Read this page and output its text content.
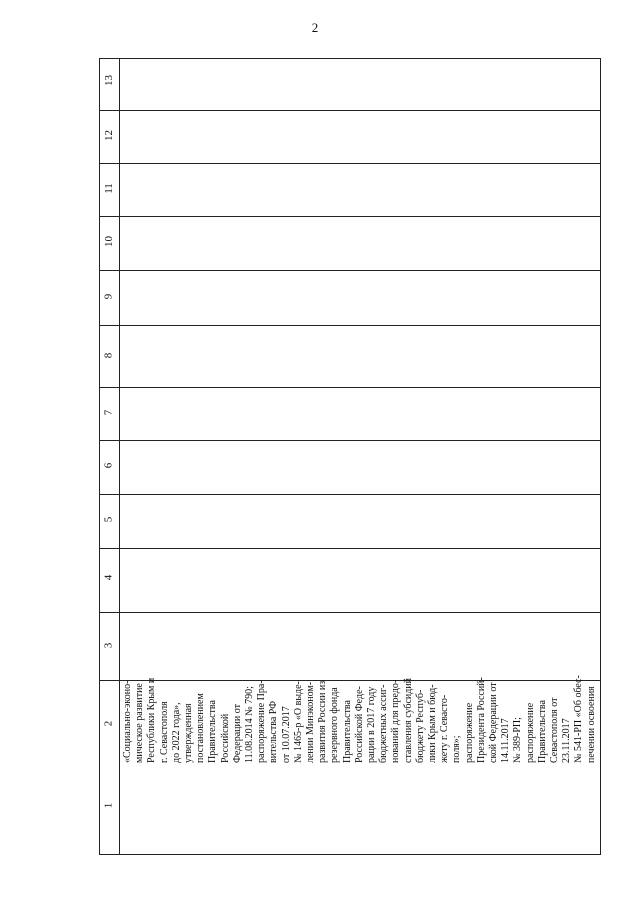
2
13
12
11
10
9
8
7
6
5
4
3
2
1
«Социально-эконо- мическое развитие Республики Крым и г. Севастополя до 2022 года», утвержденная постановлением Правительства Российской Федерации от 11.08.2014 № 790; распоряжение Пра- вительства РФ от 10.07.2017 № 1465-р «О выде- лении Минэконом- развития России из резервного фонда Правительства Российской Феде- рации в 2017 году бюджетных ассиг- нований для предо- ставления субсидий бюджету Респуб- лики Крым и бюд- жету г. Севасто- поля»; распоряжение Президента Россий- ской Федерации от 14.11.2017 № 389-РП; распоряжение Правительства Севастополя от 23.11.2017 № 541-РП «Об обес- печении освоения
